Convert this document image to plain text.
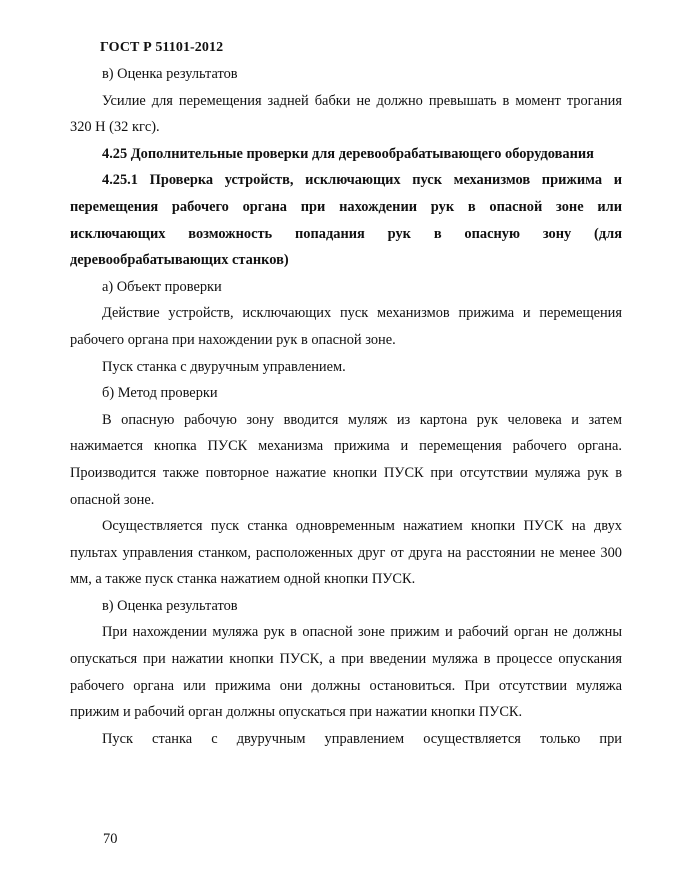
ГОСТ Р 51101-2012

в) Оценка результатов

Усилие для перемещения задней бабки не должно превышать в момент трогания 320 Н (32 кгс).

4.25 Дополнительные проверки для деревообрабатывающего оборудования

4.25.1 Проверка устройств, исключающих пуск механизмов прижима и перемещения рабочего органа при нахождении рук в опасной зоне или исключающих возможность попадания рук в опасную зону (для деревообрабатывающих станков)

а) Объект проверки

Действие устройств, исключающих пуск механизмов прижима и перемещения рабочего органа при нахождении рук в опасной зоне.

Пуск станка с двуручным управлением.

б) Метод проверки

В опасную рабочую зону вводится муляж из картона рук человека и затем нажимается кнопка ПУСК механизма прижима и перемещения рабочего органа. Производится также повторное нажатие кнопки ПУСК при отсутствии муляжа рук в опасной зоне.

Осуществляется пуск станка одновременным нажатием кнопки ПУСК на двух пультах управления станком, расположенных друг от друга на расстоянии не менее 300 мм, а также пуск станка нажатием одной кнопки ПУСК.

в) Оценка результатов

При нахождении муляжа рук в опасной зоне прижим и рабочий орган не должны опускаться при нажатии кнопки ПУСК, а при введении муляжа в процессе опускания рабочего органа или прижима они должны остановиться. При отсутствии муляжа прижим и рабочий орган должны опускаться при нажатии кнопки ПУСК.

Пуск станка с двуручным управлением осуществляется только при

70
